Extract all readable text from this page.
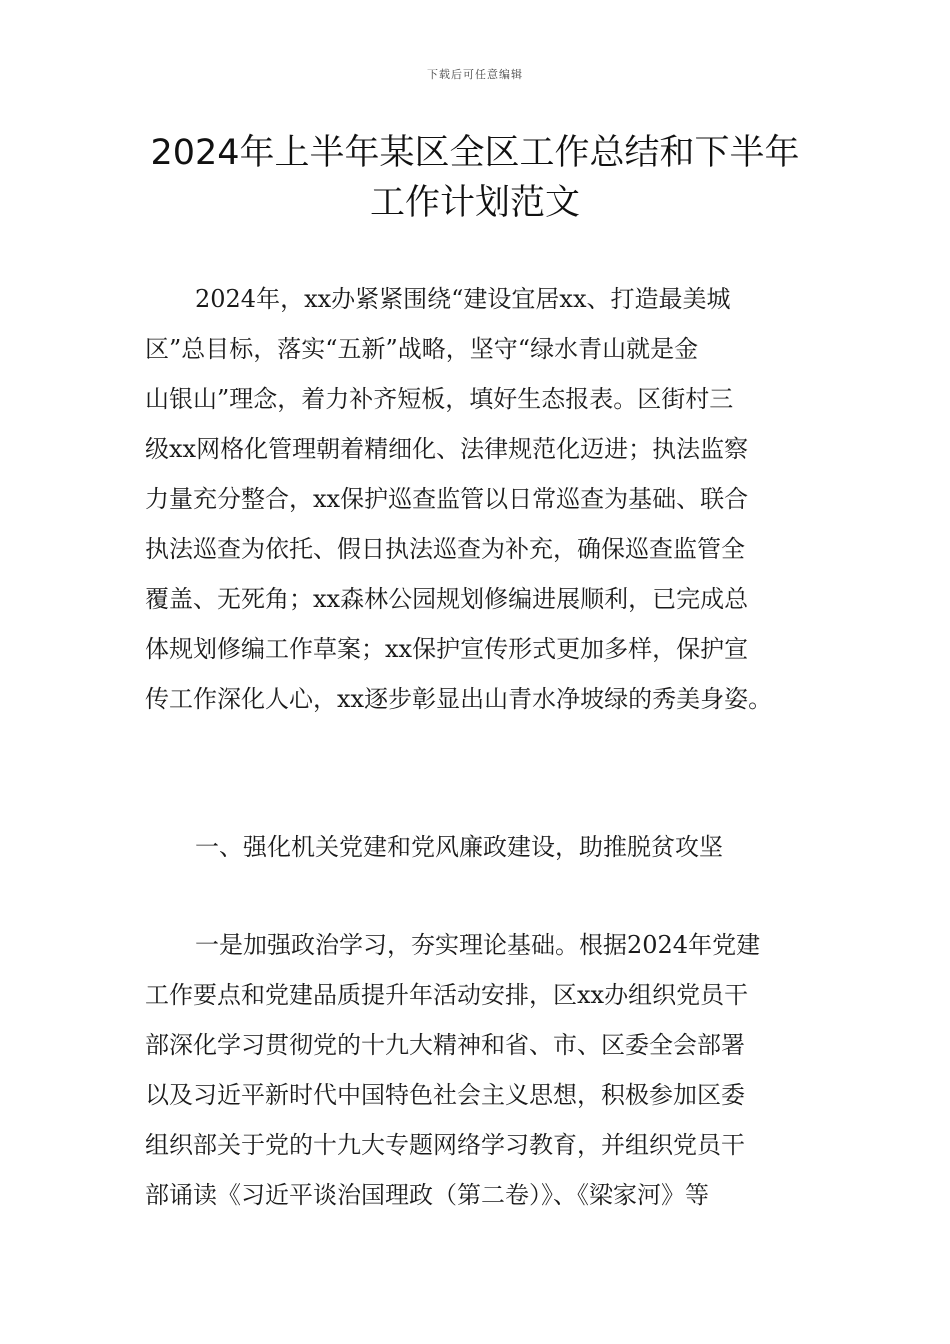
下载后可任意编辑
2024年上半年某区全区工作总结和下半年
工作计划范文
2024年，xx办紧紧围绕“建设宜居xx、打造最美城
区”总目标，落实“五新”战略，坚守“绿水青山就是金
山银山”理念，着力补齐短板，填好生态报表。区街村三
级xx网格化管理朝着精细化、法律规范化迈进；执法监察
力量充分整合，xx保护巡查监管以日常巡查为基础、联合
执法巡查为依托、假日执法巡查为补充，确保巡查监管全
覆盖、无死角；xx森林公园规划修编进展顺利，已完成总
体规划修编工作草案；xx保护宣传形式更加多样，保护宣
传工作深化人心，xx逐步彰显出山青水净坡绿的秀美身姿。
一、强化机关党建和党风廉政建设，助推脱贫攻坚
一是加强政治学习，夯实理论基础。根据2024年党建
工作要点和党建品质提升年活动安排，区xx办组织党员干
部深化学习贯彻党的十九大精神和省、市、区委全会部署
以及习近平新时代中国特色社会主义思想，积极参加区委
组织部关于党的十九大专题网络学习教育，并组织党员干
部诵读《习近平谈治国理政（第二卷）》、《梁家河》等
